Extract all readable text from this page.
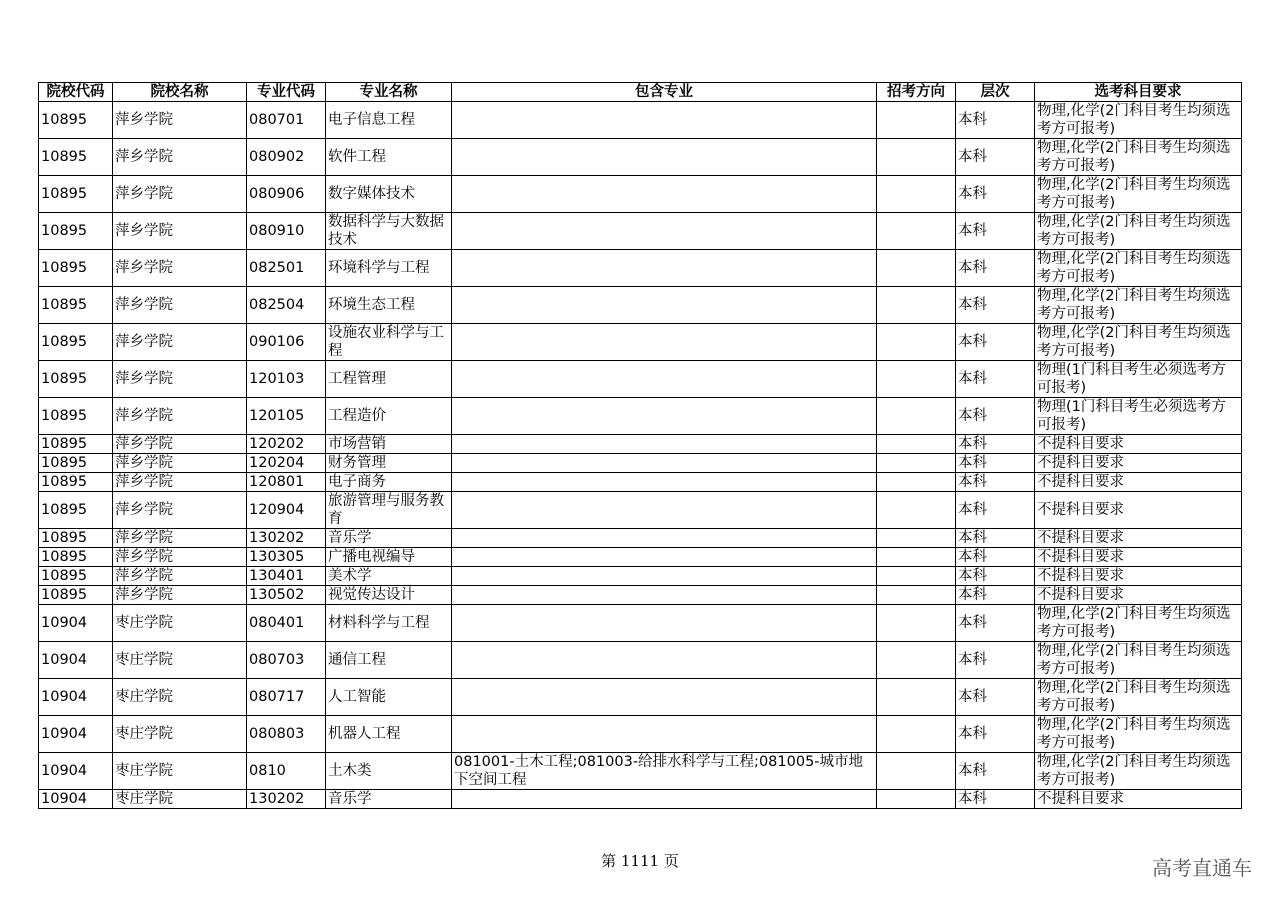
院校代码	院校名称	专业代码	专业名称	包含专业	招考方向	层次	选考科目要求
10895	萍乡学院	080701	电子信息工程			本科	物理,化学(2门科目考生均须选考方可报考)
10895	萍乡学院	080902	软件工程			本科	物理,化学(2门科目考生均须选考方可报考)
10895	萍乡学院	080906	数字媒体技术			本科	物理,化学(2门科目考生均须选考方可报考)
10895	萍乡学院	080910	数据科学与大数据技术			本科	物理,化学(2门科目考生均须选考方可报考)
10895	萍乡学院	082501	环境科学与工程			本科	物理,化学(2门科目考生均须选考方可报考)
10895	萍乡学院	082504	环境生态工程			本科	物理,化学(2门科目考生均须选考方可报考)
10895	萍乡学院	090106	设施农业科学与工程			本科	物理,化学(2门科目考生均须选考方可报考)
10895	萍乡学院	120103	工程管理			本科	物理(1门科目考生必须选考方可报考)
10895	萍乡学院	120105	工程造价			本科	物理(1门科目考生必须选考方可报考)
10895	萍乡学院	120202	市场营销			本科	不提科目要求
10895	萍乡学院	120204	财务管理			本科	不提科目要求
10895	萍乡学院	120801	电子商务			本科	不提科目要求
10895	萍乡学院	120904	旅游管理与服务教育			本科	不提科目要求
10895	萍乡学院	130202	音乐学			本科	不提科目要求
10895	萍乡学院	130305	广播电视编导			本科	不提科目要求
10895	萍乡学院	130401	美术学			本科	不提科目要求
10895	萍乡学院	130502	视觉传达设计			本科	不提科目要求
10904	枣庄学院	080401	材料科学与工程			本科	物理,化学(2门科目考生均须选考方可报考)
10904	枣庄学院	080703	通信工程			本科	物理,化学(2门科目考生均须选考方可报考)
10904	枣庄学院	080717	人工智能			本科	物理,化学(2门科目考生均须选考方可报考)
10904	枣庄学院	080803	机器人工程			本科	物理,化学(2门科目考生均须选考方可报考)
10904	枣庄学院	0810	土木类	081001-土木工程;081003-给排水科学与工程;081005-城市地下空间工程		本科	物理,化学(2门科目考生均须选考方可报考)
10904	枣庄学院	130202	音乐学			本科	不提科目要求
第 1111 页	高考直通车
